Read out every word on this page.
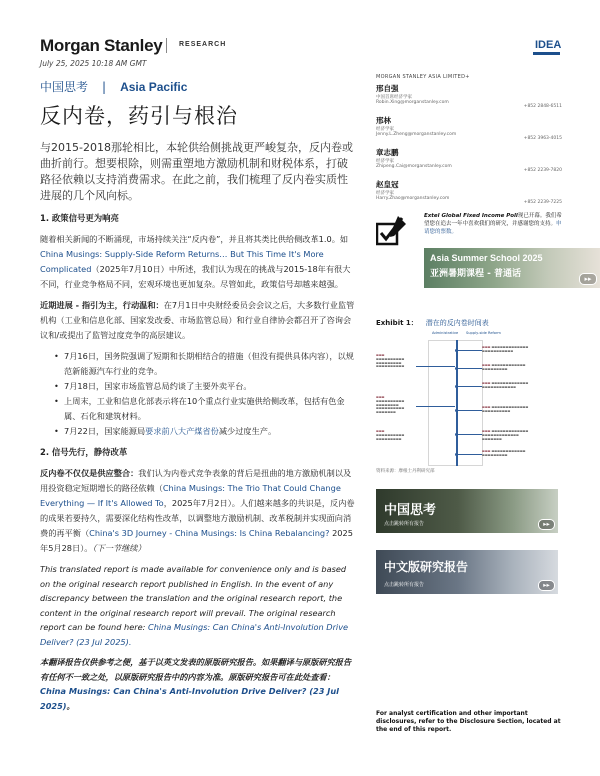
Morgan Stanley RESEARCH	IDEA
July 25, 2025 10:18 AM GMT
中国思考 | Asia Pacific
反内卷，药引与根治

与2015-2018那轮相比，本轮供给侧挑战更严峻复杂，反内卷或曲折前行。想要根除，则需重塑地方激励机制和财税体系，打破路径依赖以支持消费需求。在此之前，我们梳理了反内卷实质性进展的几个风向标。

1. 政策信号更为响亮

随着相关新闻的不断涌现，市场持续关注“反内卷”，并且将其类比供给侧改革1.0。如China Musings: Supply-Side Reform Returns… But This Time It's More Complicated（2025年7月10日）中所述，我们认为现在的挑战与2015-18年有很大不同，行业竞争格局不同，宏观环境也更加复杂。尽管如此，政策信号却越来越强。

近期进展 - 指引为主，行动温和：在7月1日中央财经委员会会议之后，大多数行业监管机构（工业和信息化部、国家发改委、市场监管总局）和行业自律协会都召开了咨询会议和/或提出了监管过度竞争的高层建议。

• 7月16日，国务院强调了短期和长期相结合的措施（但没有提供具体内容），以规范新能源汽车行业的竞争。
• 7月18日，国家市场监管总局约谈了主要外卖平台。
• 上周末，工业和信息化部表示将在10个重点行业实施供给侧改革，包括有色金属、石化和建筑材料。
• 7月22日，国家能源局要求前八大产煤省份减少过度生产。
2. 信号先行，静待改革

反内卷不仅仅是供应整合：我们认为内卷式竞争表象的背后是扭曲的地方激励机制以及用投资稳定短期增长的路径依赖（China Musings: The Trio That Could Change Everything — If It's Allowed To，2025年7月2日）。人们越来越多的共识是，反内卷的成果若要持久，需要深化结构性改革，以调整地方激励机制、改革税制并实现面向消费的再平衡（China's 3D Journey - China Musings: Is China Rebalancing? 2025年5月28日）。（下一节继续）

This translated report is made available for convenience only and is based on the original research report published in English. In the event of any discrepancy between the translation and the original research report, the content in the original research report will prevail. The original research report can be found here: China Musings: Can China's Anti-Involution Drive Deliver? (23 Jul 2025).

本翻译报告仅供参考之便，基于以英文发表的原版研究报告。如果翻译与原版研究报告有任何不一致之处，以原版研究报告中的内容为准。原版研究报告可在此处查看：China Musings: Can China's Anti-Involution Drive Deliver? (23 Jul 2025)。

MORGAN STANLEY ASIA LIMITED+
邢自强
中国首席经济学家
Robin.Xing@morganstanley.com
+852 2848-6511
邢林
经济学家
Jenny.L.Zheng@morganstanley.com
+852 3963-4015
章志鹏
经济学家
Zhipeng.Cai@morganstanley.com
+852 2239-7820
赵皇冠
经济学家
Harry.Zhao@morganstanley.com
+852 2239-7225
Extel Global Fixed Income Poll现已开幕。我们希望您在追去一年中喜欢我们的研究，并感谢您的支持。申请您的票数。
Asia Summer School 2025
亚洲暑期课程 - 普通话	▸▸
Exhibit 1： 潜在的反内卷时间表
Administrative Supply-side Reform
▬▬▬ ▬▬▬▬▬▬▬▬▬▬▬▬▬
▬▬▬▬▬▬▬▬▬▬▬
▬▬▬ ▬▬▬▬▬▬▬▬▬▬▬▬
▬▬▬▬▬▬▬▬▬
▬▬▬ ▬▬▬▬▬▬▬▬▬▬▬▬▬
▬▬▬▬▬▬▬▬▬▬▬▬
▬▬▬ ▬▬▬▬▬▬▬▬▬▬▬▬▬
▬▬▬▬▬▬▬▬▬▬
▬▬▬ ▬▬▬▬▬▬▬▬▬▬▬▬▬
▬▬▬▬▬▬▬▬▬▬▬▬▬
▬▬▬▬▬▬▬
▬▬▬ ▬▬▬▬▬▬▬▬▬▬▬▬
▬▬▬▬▬▬▬▬▬
▬▬▬
▬▬▬▬▬▬▬▬▬▬
▬▬▬▬▬▬▬▬▬
▬▬▬▬▬▬▬▬▬▬
▬▬▬
▬▬▬▬▬▬▬▬▬▬
▬▬▬▬▬▬▬▬
▬▬▬▬▬▬▬▬▬▬
▬▬▬▬▬▬▬
▬▬▬
▬▬▬▬▬▬▬▬▬▬
▬▬▬▬▬▬▬▬▬
资料来源：摩根士丹利研究部
中国思考
点击跳转所有报告	▸▸
中文版研究报告
点击跳转所有报告	▸▸
For analyst certification and other important disclosures, refer to the Disclosure Section, located at the end of this report.
